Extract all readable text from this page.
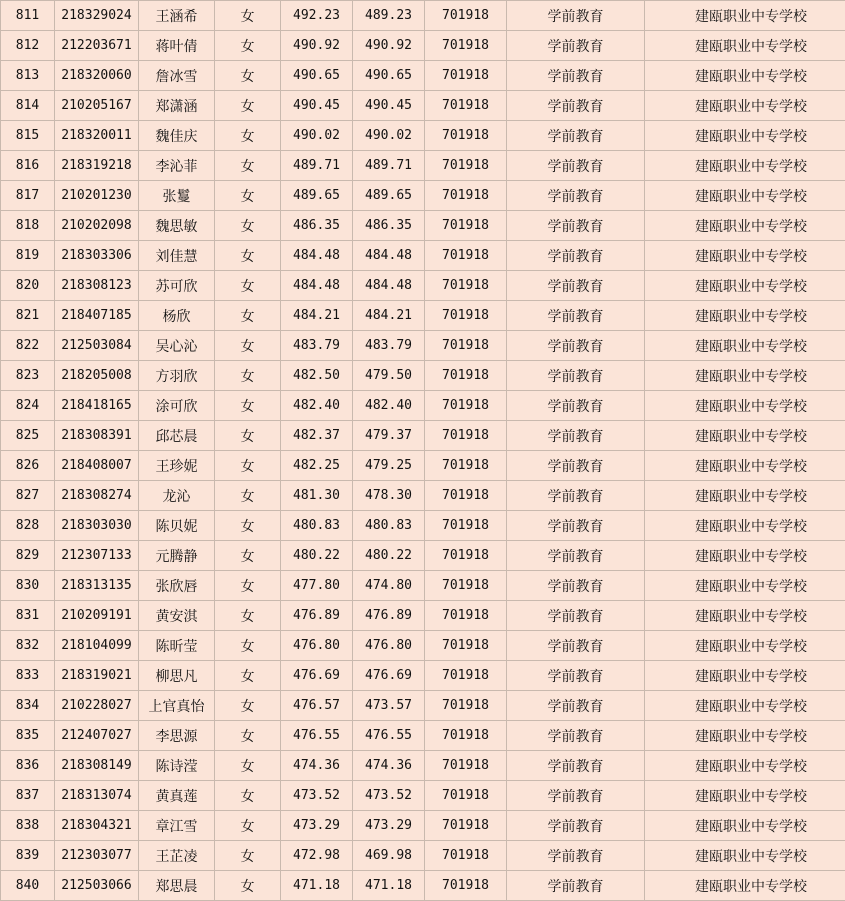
811	218329024	王涵希	女	492.23	489.23	701918	学前教育	建瓯职业中专学校
812	212203671	蒋叶倩	女	490.92	490.92	701918	学前教育	建瓯职业中专学校
813	218320060	詹冰雪	女	490.65	490.65	701918	学前教育	建瓯职业中专学校
814	210205167	郑潇涵	女	490.45	490.45	701918	学前教育	建瓯职业中专学校
815	218320011	魏佳庆	女	490.02	490.02	701918	学前教育	建瓯职业中专学校
816	218319218	李沁菲	女	489.71	489.71	701918	学前教育	建瓯职业中专学校
817	210201230	张鬘	女	489.65	489.65	701918	学前教育	建瓯职业中专学校
818	210202098	魏思敏	女	486.35	486.35	701918	学前教育	建瓯职业中专学校
819	218303306	刘佳慧	女	484.48	484.48	701918	学前教育	建瓯职业中专学校
820	218308123	苏可欣	女	484.48	484.48	701918	学前教育	建瓯职业中专学校
821	218407185	杨欣	女	484.21	484.21	701918	学前教育	建瓯职业中专学校
822	212503084	吴心沁	女	483.79	483.79	701918	学前教育	建瓯职业中专学校
823	218205008	方羽欣	女	482.50	479.50	701918	学前教育	建瓯职业中专学校
824	218418165	涂可欣	女	482.40	482.40	701918	学前教育	建瓯职业中专学校
825	218308391	邱芯晨	女	482.37	479.37	701918	学前教育	建瓯职业中专学校
826	218408007	王珍妮	女	482.25	479.25	701918	学前教育	建瓯职业中专学校
827	218308274	龙沁	女	481.30	478.30	701918	学前教育	建瓯职业中专学校
828	218303030	陈贝妮	女	480.83	480.83	701918	学前教育	建瓯职业中专学校
829	212307133	元腾静	女	480.22	480.22	701918	学前教育	建瓯职业中专学校
830	218313135	张欣唇	女	477.80	474.80	701918	学前教育	建瓯职业中专学校
831	210209191	黄安淇	女	476.89	476.89	701918	学前教育	建瓯职业中专学校
832	218104099	陈昕莹	女	476.80	476.80	701918	学前教育	建瓯职业中专学校
833	218319021	柳思凡	女	476.69	476.69	701918	学前教育	建瓯职业中专学校
834	210228027	上官真怡	女	476.57	473.57	701918	学前教育	建瓯职业中专学校
835	212407027	李思源	女	476.55	476.55	701918	学前教育	建瓯职业中专学校
836	218308149	陈诗滢	女	474.36	474.36	701918	学前教育	建瓯职业中专学校
837	218313074	黄真莲	女	473.52	473.52	701918	学前教育	建瓯职业中专学校
838	218304321	章江雪	女	473.29	473.29	701918	学前教育	建瓯职业中专学校
839	212303077	王芷凌	女	472.98	469.98	701918	学前教育	建瓯职业中专学校
840	212503066	郑思晨	女	471.18	471.18	701918	学前教育	建瓯职业中专学校
